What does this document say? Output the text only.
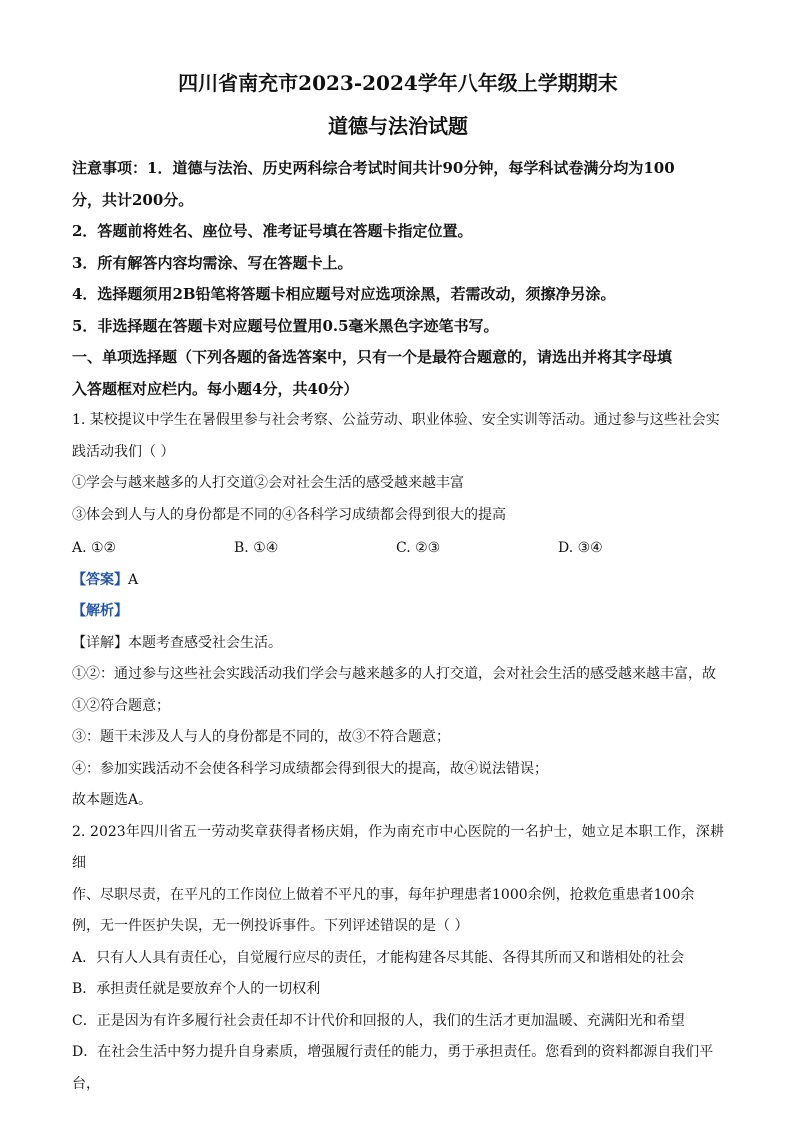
四川省南充市2023-2024学年八年级上学期期末
道德与法治试题

注意事项：1．道德与法治、历史两科综合考试时间共计90分钟，每学科试卷满分均为100

分，共计200分。

2．答题前将姓名、座位号、准考证号填在答题卡指定位置。

3．所有解答内容均需涂、写在答题卡上。

4．选择题须用2B铅笔将答题卡相应题号对应选项涂黑，若需改动，须擦净另涂。

5．非选择题在答题卡对应题号位置用0.5毫米黑色字迹笔书写。

一、单项选择题（下列各题的备选答案中，只有一个是最符合题意的，请选出并将其字母填

入答题框对应栏内。每小题4分，共40分）

1. 某校提议中学生在暑假里参与社会考察、公益劳动、职业体验、安全实训等活动。通过参与这些社会实

践活动我们（ ）

①学会与越来越多的人打交道②会对社会生活的感受越来越丰富

③体会到人与人的身份都是不同的④各科学习成绩都会得到很大的提高

A. ①②	B. ①④	C. ②③	D. ③④

【答案】A

【解析】

【详解】本题考查感受社会生活。

①②：通过参与这些社会实践活动我们学会与越来越多的人打交道，会对社会生活的感受越来越丰富，故

①②符合题意；

③：题干未涉及人与人的身份都是不同的，故③不符合题意；

④：参加实践活动不会使各科学习成绩都会得到很大的提高，故④说法错误；

故本题选A。

2. 2023年四川省五一劳动奖章获得者杨庆娟，作为南充市中心医院的一名护士，她立足本职工作，深耕细

作、尽职尽责，在平凡的工作岗位上做着不平凡的事，每年护理患者1000余例，抢救危重患者100余

例，无一件医护失误，无一例投诉事件。下列评述错误的是（ ）

A．只有人人具有责任心，自觉履行应尽的责任，才能构建各尽其能、各得其所而又和谐相处的社会

B．承担责任就是要放弃个人的一切权利

C．正是因为有许多履行社会责任却不计代价和回报的人，我们的生活才更加温暖、充满阳光和希望

D．在社会生活中努力提升自身素质，增强履行责任的能力，勇于承担责任。您看到的资料都源自我们平台，
